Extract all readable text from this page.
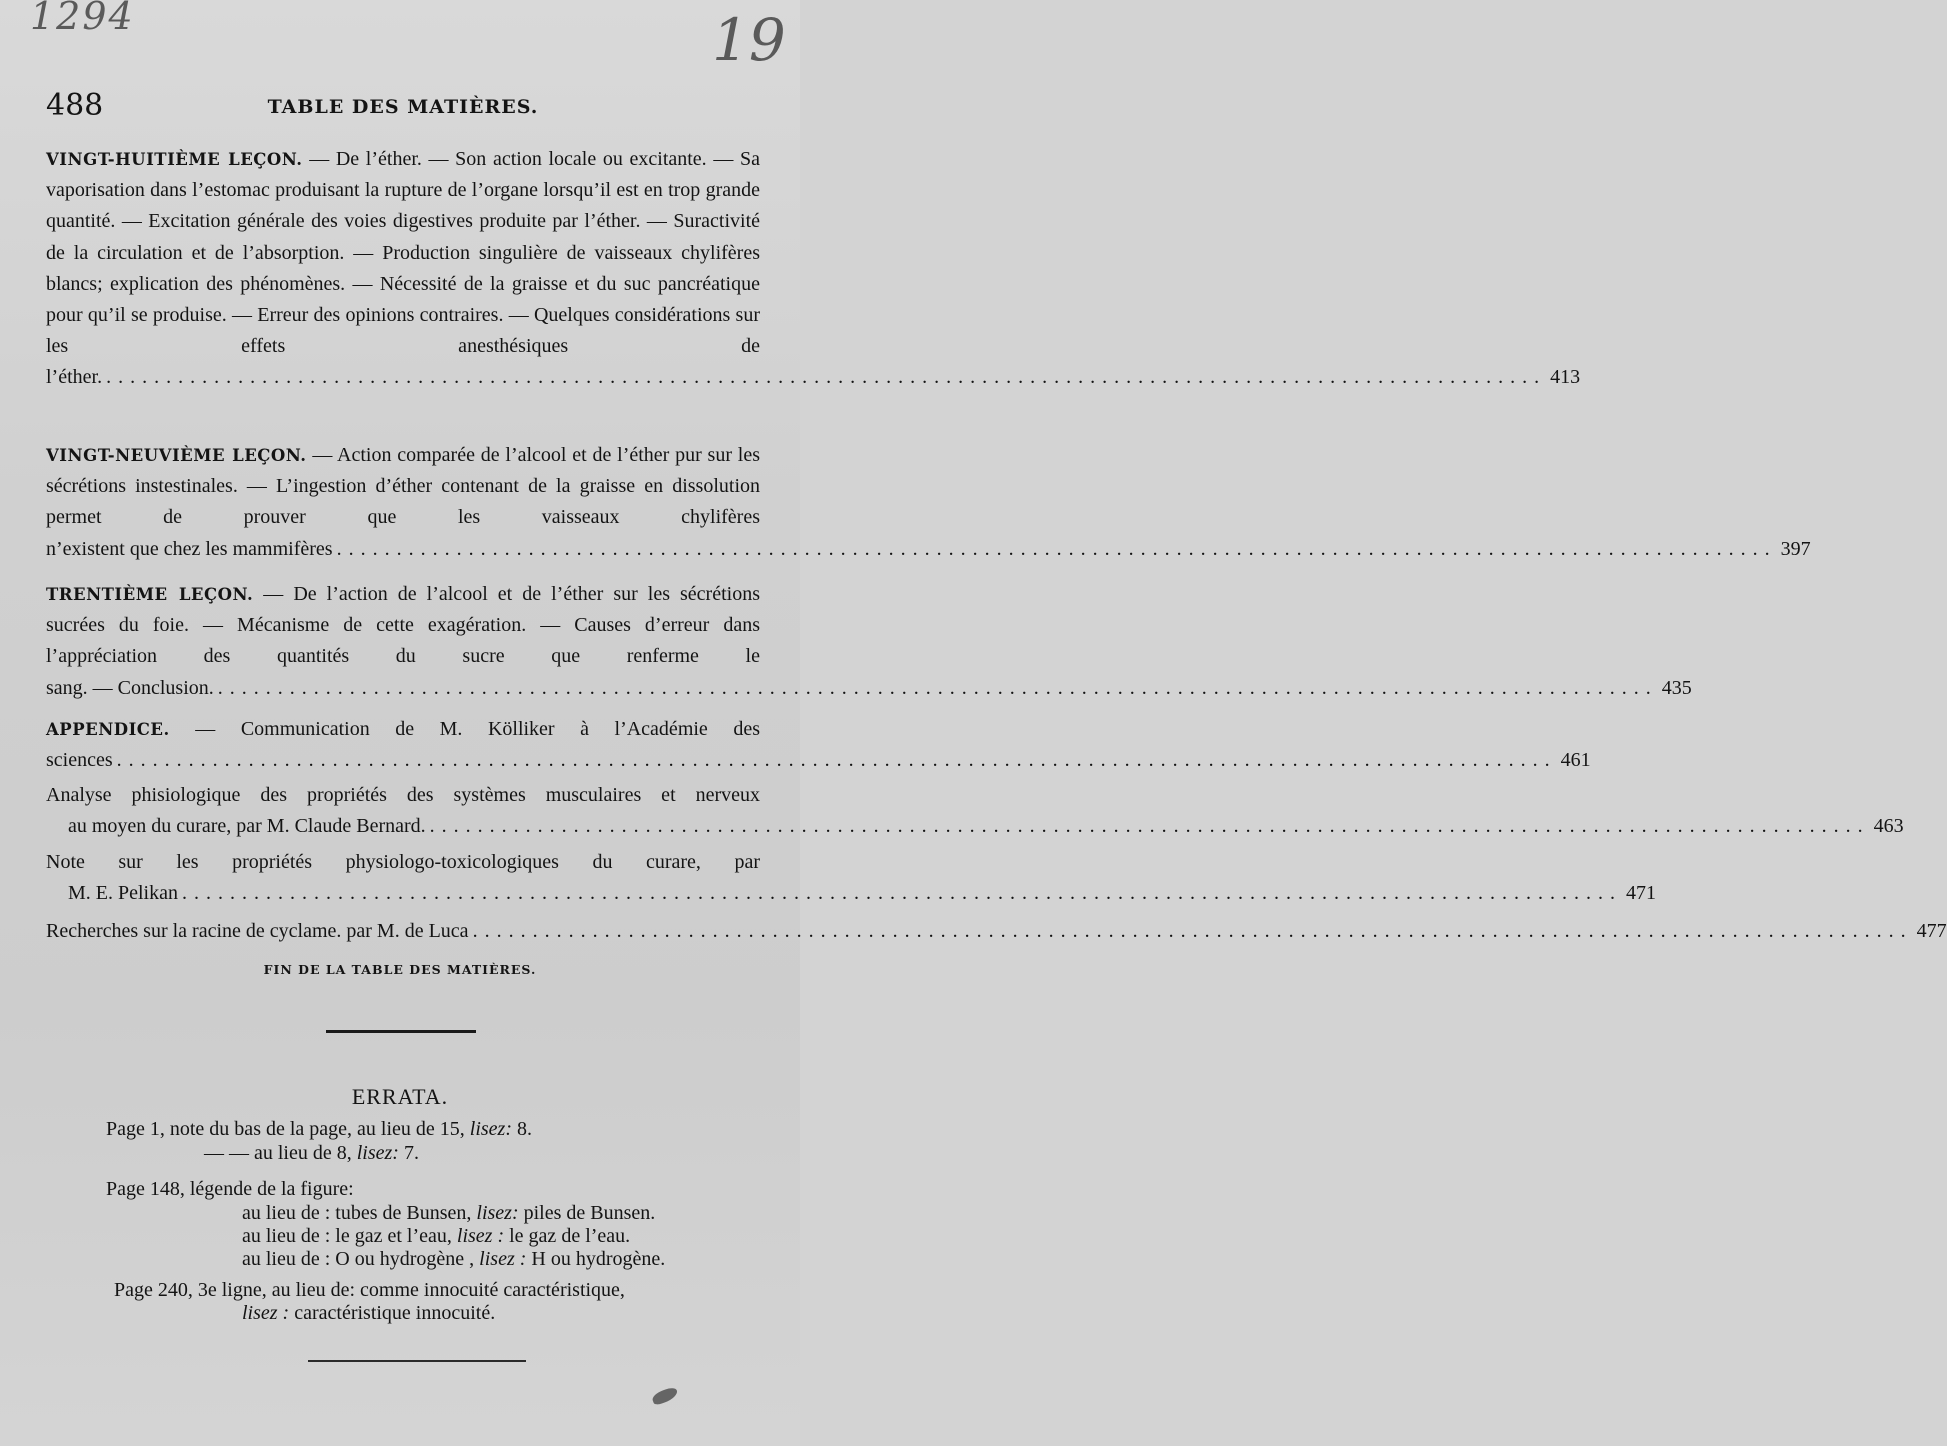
1294	19
488	TABLE DES MATIÈRES.
VINGT-HUITIÈME LEÇON. — De l’éther. — Son action locale ou excitante. — Sa vaporisation dans l’estomac produisant la rupture de l’organe lorsqu’il est en trop grande quantité. — Excitation générale des voies digestives produite par l’éther. — Suractivité de la circulation et de l’absorption. — Production singulière de vaisseaux chylifères blancs; explication des phénomènes. — Nécessité de la graisse et du suc pancréatique pour qu’il se produise. — Erreur des opinions contraires. — Quelques considérations sur les effets anesthésiques de
l’éther. ........................................................................................................................ 413
VINGT-NEUVIÈME LEÇON. — Action comparée de l’alcool et de l’éther pur sur les sécrétions instestinales. — L’ingestion d’éther contenant de la graisse en dissolution permet de prouver que les vaisseaux chylifères
n’existent que chez les mammifères ........................................................................................................................ 397
TRENTIÈME LEÇON. — De l’action de l’alcool et de l’éther sur les sécrétions sucrées du foie. — Mécanisme de cette exagération. — Causes d’erreur dans l’appréciation des quantités du sucre que renferme le
sang. — Conclusion. ........................................................................................................................ 435
APPENDICE. — Communication de M. Kölliker à l’Académie des
sciences ........................................................................................................................ 461
Analyse phisiologique des propriétés des systèmes musculaires et nerveux
au moyen du curare, par M. Claude Bernard. ........................................................................................................................ 463
Note sur les propriétés physiologo-toxicologiques du curare, par
M. E. Pelikan ........................................................................................................................ 471
Recherches sur la racine de cyclame. par M. de Luca ........................................................................................................................ 477
FIN DE LA TABLE DES MATIÈRES.
ERRATA.
Page 1, note du bas de la page, au lieu de 15, lisez: 8.
— — au lieu de 8, lisez: 7.
Page 148, légende de la figure:
au lieu de : tubes de Bunsen, lisez: piles de Bunsen.
au lieu de : le gaz et l’eau, lisez : le gaz de l’eau.
au lieu de : O ou hydrogène , lisez : H ou hydrogène.
Page 240, 3e ligne, au lieu de: comme innocuité caractéristique,
lisez : caractéristique innocuité.
